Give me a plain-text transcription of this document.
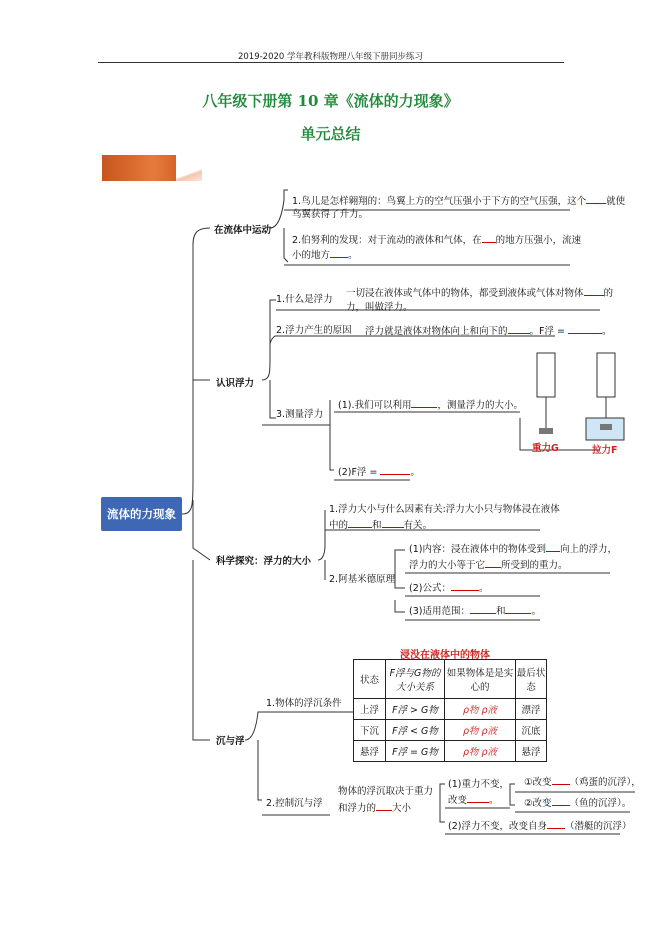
2019-2020 学年教科版物理八年级下册同步练习
八年级下册第 10 章《流体的力现象》
单元总结
流体的力现象
在流体中运动
1.鸟儿是怎样翱翔的：鸟翼上方的空气压强小于下方的空气压强，这个 就使
鸟翼获得了升力。
2.伯努利的发现：对于流动的液体和气体，在 的地方压强小，流速
小的地方 。
认识浮力
1.什么是浮力
一切浸在液体或气体中的物体，都受到液体或气体对物体 的
力，叫做浮力。
2.浮力产生的原因 浮力就是液体对物体向上和向下的 。F浮 =	。
3.测量浮力
(1).我们可以利用	，测量浮力的大小。
(2)F浮 =	。
重力G	拉力F
科学探究：浮力的大小
1.浮力大小与什么因素有关:浮力大小只与物体浸在液体
中的	和 有关。
2.阿基米德原理
(1)内容：浸在液体中的物体受到 向上的浮力，
浮力的大小等于它 所受到的重力。
(2)公式：	。
(3)适用范围：	和	。
沉与浮
1.物体的浮沉条件
浸没在液体中的物体
状态	F浮与G物的大小关系	如果物体是是实心的	最后状态
上浮	F浮 > G物	ρ物 ρ液	漂浮
下沉	F浮 < G物	ρ物 ρ液	沉底
悬浮	F浮 = G物	ρ物 ρ液	悬浮
2.控制沉与浮
物体的浮沉取决于重力
和浮力的 大小
(1)重力不变，
改变 。
①改变 （鸡蛋的沉浮），
②改变 （鱼的沉浮）。
(2)浮力不变，改变自身 （潜艇的沉浮）
